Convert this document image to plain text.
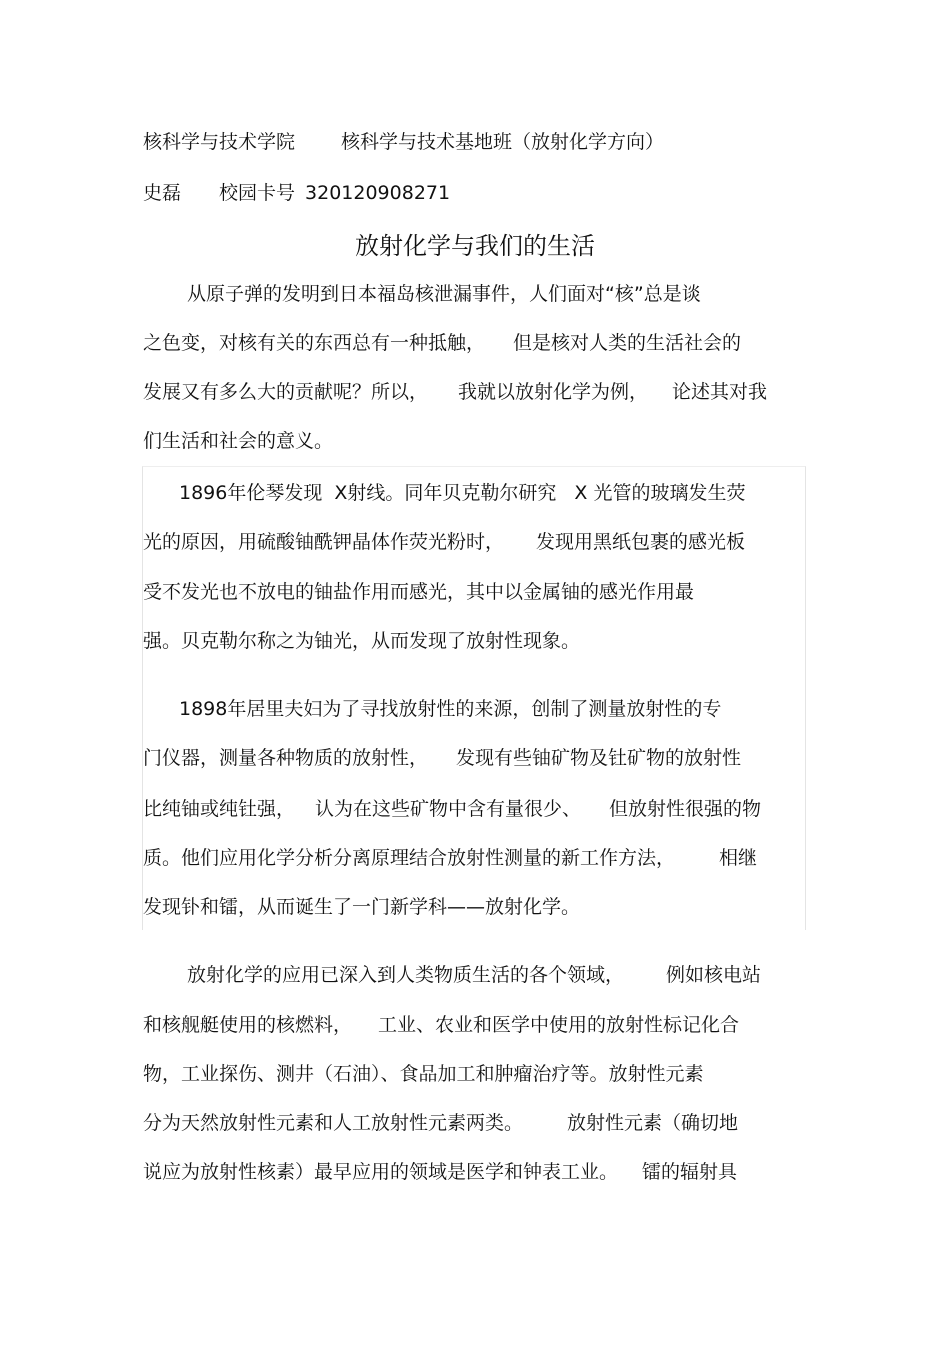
核科学与技术学院 核科学与技术基地班（放射化学方向）
史磊 校园卡号 320120908271
放射化学与我们的生活
从原子弹的发明到日本福岛核泄漏事件，人们面对“核”总是谈
之色变，对核有关的东西总有一种抵触， 但是核对人类的生活社会的
发展又有多么大的贡献呢？所以， 我就以放射化学为例， 论述其对我
们生活和社会的意义。
1896年伦琴发现 X射线。同年贝克勒尔研究 X 光管的玻璃发生荧
光的原因，用硫酸铀酰钾晶体作荧光粉时， 发现用黑纸包裹的感光板
受不发光也不放电的铀盐作用而感光，其中以金属铀的感光作用最
强。贝克勒尔称之为铀光，从而发现了放射性现象。
1898年居里夫妇为了寻找放射性的来源，创制了测量放射性的专
门仪器，测量各种物质的放射性， 发现有些铀矿物及钍矿物的放射性
比纯铀或纯钍强， 认为在这些矿物中含有量很少、 但放射性很强的物
质。他们应用化学分析分离原理结合放射性测量的新工作方法， 相继
发现钋和镭，从而诞生了一门新学科——放射化学。
放射化学的应用已深入到人类物质生活的各个领域， 例如核电站
和核舰艇使用的核燃料， 工业、农业和医学中使用的放射性标记化合
物，工业探伤、测井（石油）、食品加工和肿瘤治疗等。放射性元素
分为天然放射性元素和人工放射性元素两类。 放射性元素（确切地
说应为放射性核素）最早应用的领域是医学和钟表工业。 镭的辐射具
